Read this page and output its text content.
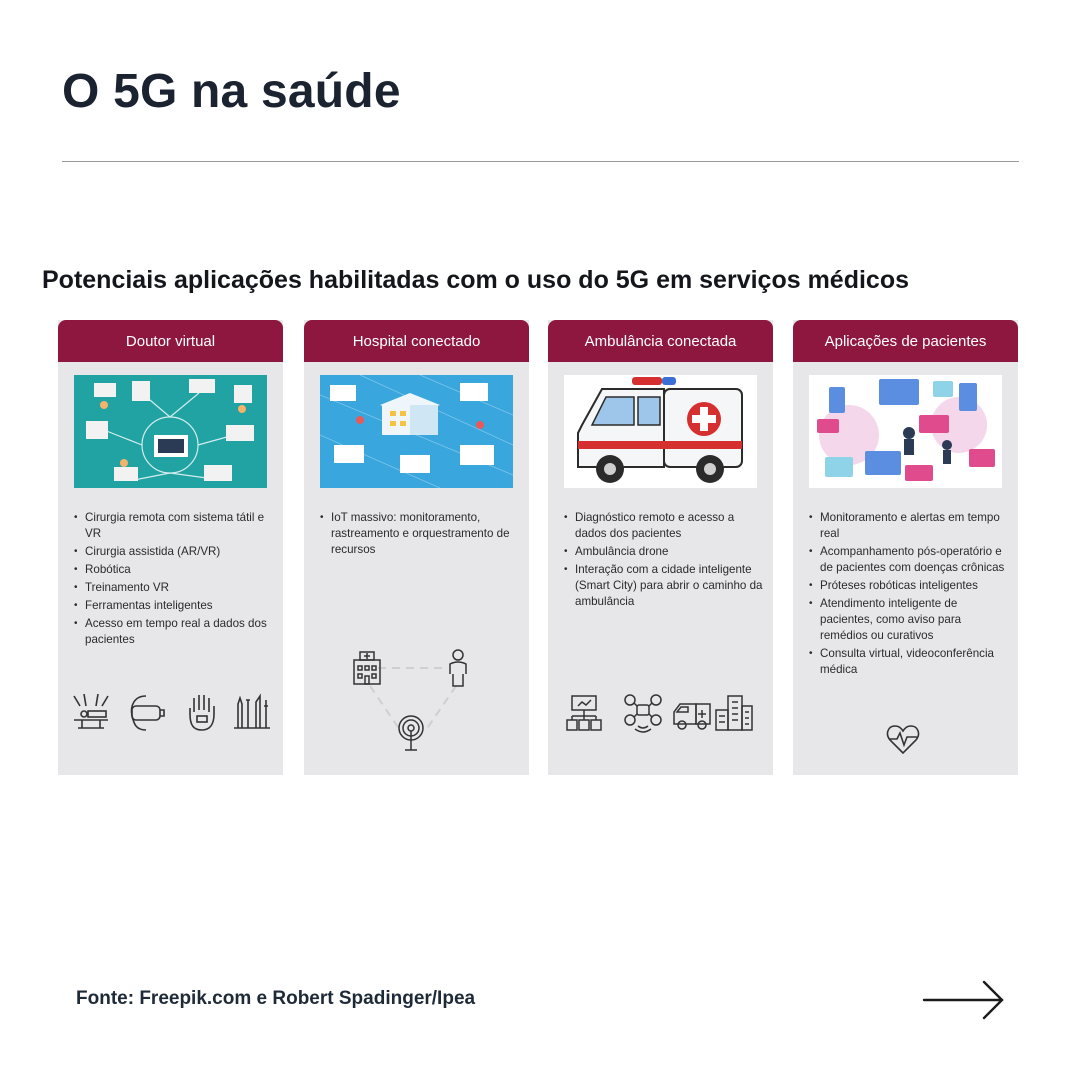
O 5G na saúde
Potenciais aplicações habilitadas com o uso do 5G em serviços médicos
Doutor virtual
• Cirurgia remota com sistema tátil e VR
• Cirurgia assistida (AR/VR)
• Robótica
• Treinamento VR
• Ferramentas inteligentes
• Acesso em tempo real a dados dos pacientes
Hospital conectado
• IoT massivo: monitoramento, rastreamento e orquestramento de recursos
Ambulância conectada
• Diagnóstico remoto e acesso a dados dos pacientes
• Ambulância drone
• Interação com a cidade inteligente (Smart City) para abrir o caminho da ambulância
Aplicações de pacientes
• Monitoramento e alertas em tempo real
• Acompanhamento pós-operatório e de pacientes com doenças crônicas
• Próteses robóticas inteligentes
• Atendimento inteligente de pacientes, como aviso para remédios ou curativos
• Consulta virtual, videoconferência médica
Fonte: Freepik.com e Robert Spadinger/Ipea
